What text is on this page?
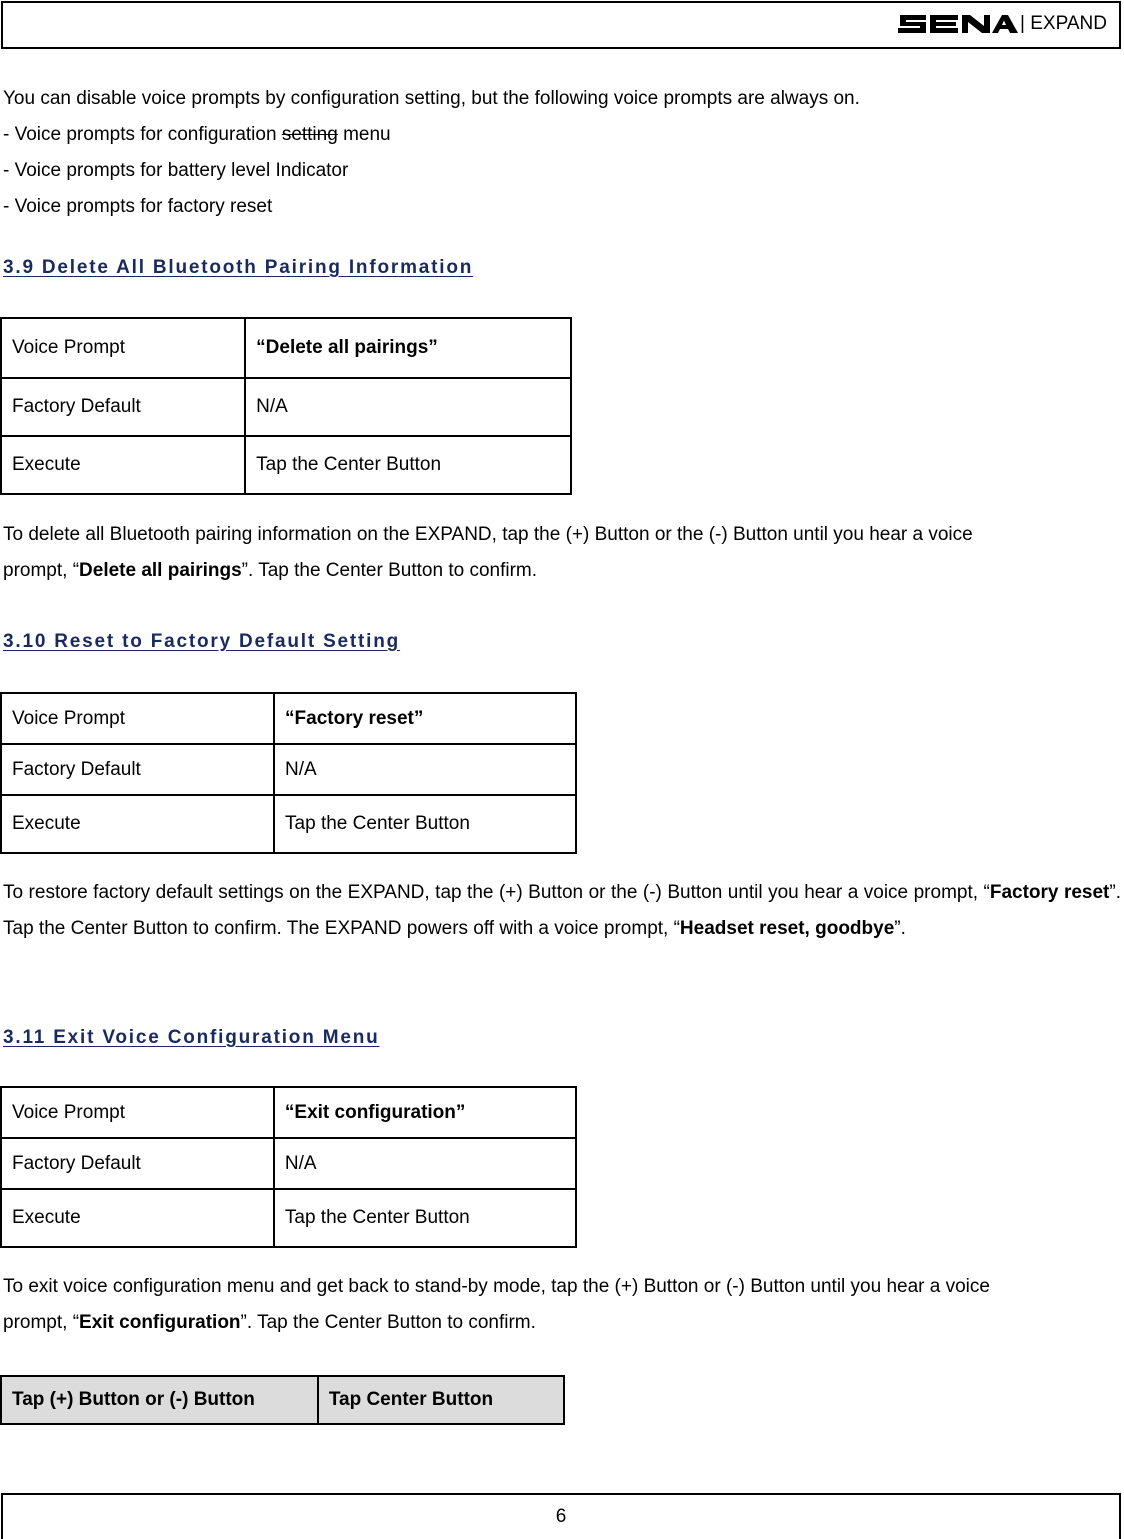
| EXPAND

You can disable voice prompts by configuration setting, but the following voice prompts are always on.

- Voice prompts for configuration setting menu

- Voice prompts for battery level Indicator

- Voice prompts for factory reset

3.9 Delete All Bluetooth Pairing Information
Voice Prompt	“Delete all pairings”
Factory Default	N/A
Execute	Tap the Center Button

To delete all Bluetooth pairing information on the EXPAND, tap the (+) Button or the (-) Button until you hear a voice

prompt, “Delete all pairings”. Tap the Center Button to confirm.

3.10 Reset to Factory Default Setting
Voice Prompt	“Factory reset”
Factory Default	N/A
Execute	Tap the Center Button

To restore factory default settings on the EXPAND, tap the (+) Button or the (-) Button until you hear a voice prompt, “Factory reset”. Tap the Center Button to confirm. The EXPAND powers off with a voice prompt, “Headset reset, goodbye”.

3.11 Exit Voice Configuration Menu
Voice Prompt	“Exit configuration”
Factory Default	N/A
Execute	Tap the Center Button

To exit voice configuration menu and get back to stand-by mode, tap the (+) Button or (-) Button until you hear a voice

prompt, “Exit configuration”. Tap the Center Button to confirm.

Tap (+) Button or (-) Button	Tap Center Button
6
